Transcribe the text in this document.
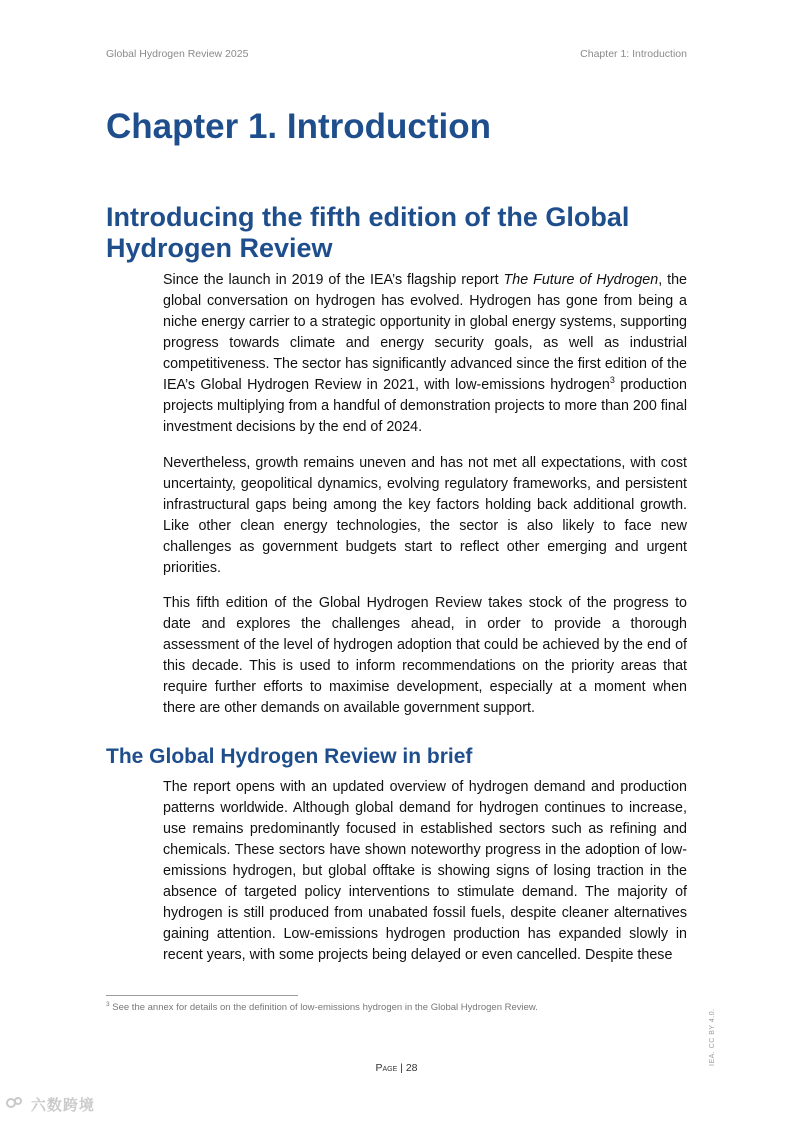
Global Hydrogen Review 2025	Chapter 1: Introduction
Chapter 1. Introduction
Introducing the fifth edition of the Global Hydrogen Review

Since the launch in 2019 of the IEA’s flagship report The Future of Hydrogen, the global conversation on hydrogen has evolved. Hydrogen has gone from being a niche energy carrier to a strategic opportunity in global energy systems, supporting progress towards climate and energy security goals, as well as industrial competitiveness. The sector has significantly advanced since the first edition of the IEA’s Global Hydrogen Review in 2021, with low-emissions hydrogen$^3$ production projects multiplying from a handful of demonstration projects to more than 200 final investment decisions by the end of 2024.

Nevertheless, growth remains uneven and has not met all expectations, with cost uncertainty, geopolitical dynamics, evolving regulatory frameworks, and persistent infrastructural gaps being among the key factors holding back additional growth. Like other clean energy technologies, the sector is also likely to face new challenges as government budgets start to reflect other emerging and urgent priorities.

This fifth edition of the Global Hydrogen Review takes stock of the progress to date and explores the challenges ahead, in order to provide a thorough assessment of the level of hydrogen adoption that could be achieved by the end of this decade. This is used to inform recommendations on the priority areas that require further efforts to maximise development, especially at a moment when there are other demands on available government support.

The Global Hydrogen Review in brief

The report opens with an updated overview of hydrogen demand and production patterns worldwide. Although global demand for hydrogen continues to increase, use remains predominantly focused in established sectors such as refining and chemicals. These sectors have shown noteworthy progress in the adoption of low-emissions hydrogen, but global offtake is showing signs of losing traction in the absence of targeted policy interventions to stimulate demand. The majority of hydrogen is still produced from unabated fossil fuels, despite cleaner alternatives gaining attention. Low-emissions hydrogen production has expanded slowly in recent years, with some projects being delayed or even cancelled. Despite these

$^3$ See the annex for details on the definition of low-emissions hydrogen in the Global Hydrogen Review.
IEA. CC BY 4.0.
Page | 28
六数跨境
